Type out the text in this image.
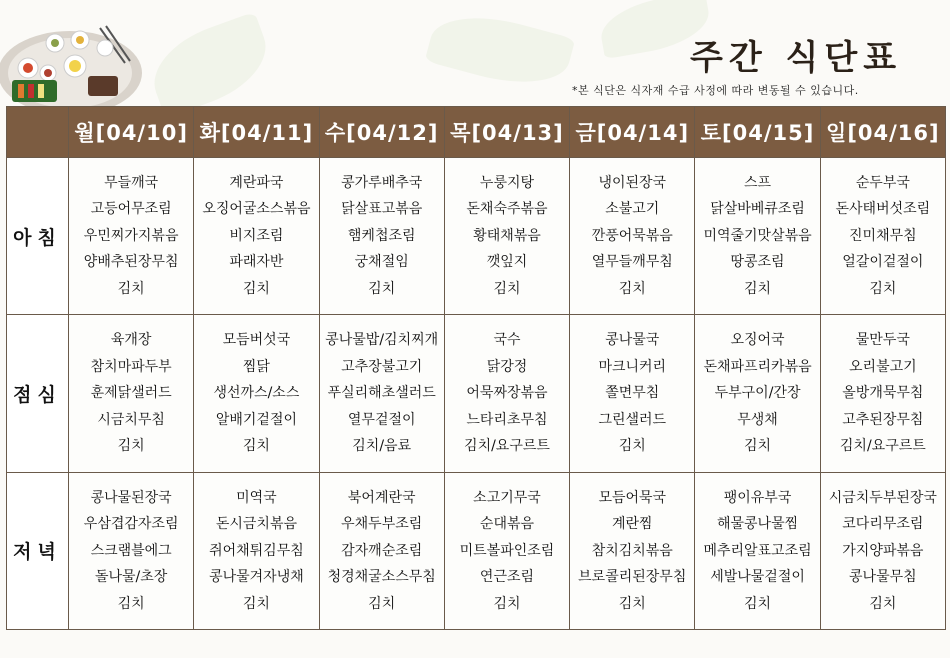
주간 식단표
*본 식단은 식자재 수급 사정에 따라 변동될 수 있습니다.
	월[04/10]	화[04/11]	수[04/12]	목[04/13]	금[04/14]	토[04/15]	일[04/16]
아침	무들깨국
고등어무조림
우민찌가지볶음
양배추된장무침
김치	계란파국
오징어굴소스볶음
비지조림
파래자반
김치	콩가루배추국
닭살표고볶음
햄케첩조림
궁채절임
김치	누룽지탕
돈채숙주볶음
황태채볶음
깻잎지
김치	냉이된장국
소불고기
깐풍어묵볶음
열무들깨무침
김치	스프
닭살바베큐조림
미역줄기맛살볶음
땅콩조림
김치	순두부국
돈사태버섯조림
진미채무침
얼갈이겉절이
김치

점심	육개장
참치마파두부
훈제닭샐러드
시금치무침
김치	모듬버섯국
찜닭
생선까스/소스
알배기겉절이
김치	콩나물밥/김치찌개
고추장불고기
푸실리해초샐러드
열무겉절이
김치/음료	국수
닭강정
어묵짜장볶음
느타리초무침
김치/요구르트	콩나물국
마크니커리
쫄면무침
그린샐러드
김치	오징어국
돈채파프리카볶음
두부구이/간장
무생채
김치	물만두국
오리불고기
올방개묵무침
고추된장무침
김치/요구르트

저녁	콩나물된장국
우삼겹감자조림
스크램블에그
돌나물/초장
김치	미역국
돈시금치볶음
쥐어채튀김무침
콩나물겨자냉채
김치	북어계란국
우채두부조림
감자깨순조림
청경채굴소스무침
김치	소고기무국
순대볶음
미트볼파인조림
연근조림
김치	모듬어묵국
계란찜
참치김치볶음
브로콜리된장무침
김치	팽이유부국
해물콩나물찜
메추리알표고조림
세발나물겉절이
김치	시금치두부된장국
코다리무조림
가지양파볶음
콩나물무침
김치
